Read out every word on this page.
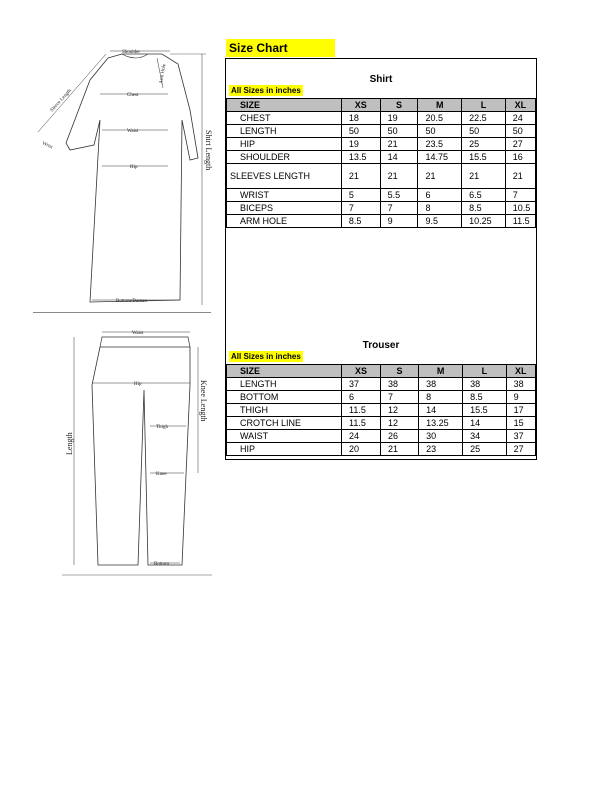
Shoulder
Chest
Waist
Hip
Bottom/Daman
Wrist
Sleeve Length
Arm Hole
Shirt Length
Waist
Hip
Thigh
Knee
Bottom
Length
Knee Length
Size Chart
Shirt
All Sizes in inches
SIZE	XS	S	M	L	XL
CHEST	18	19	20.5	22.5	24
LENGTH	50	50	50	50	50
HIP	19	21	23.5	25	27
SHOULDER	13.5	14	14.75	15.5	16
SLEEVES LENGTH	21	21	21	21	21
WRIST	5	5.5	6	6.5	7
BICEPS	7	7	8	8.5	10.5
ARM HOLE	8.5	9	9.5	10.25	11.5
Trouser
All Sizes in inches
SIZE	XS	S	M	L	XL
LENGTH	37	38	38	38	38
BOTTOM	6	7	8	8.5	9
THIGH	11.5	12	14	15.5	17
CROTCH LINE	11.5	12	13.25	14	15
WAIST	24	26	30	34	37
HIP	20	21	23	25	27
